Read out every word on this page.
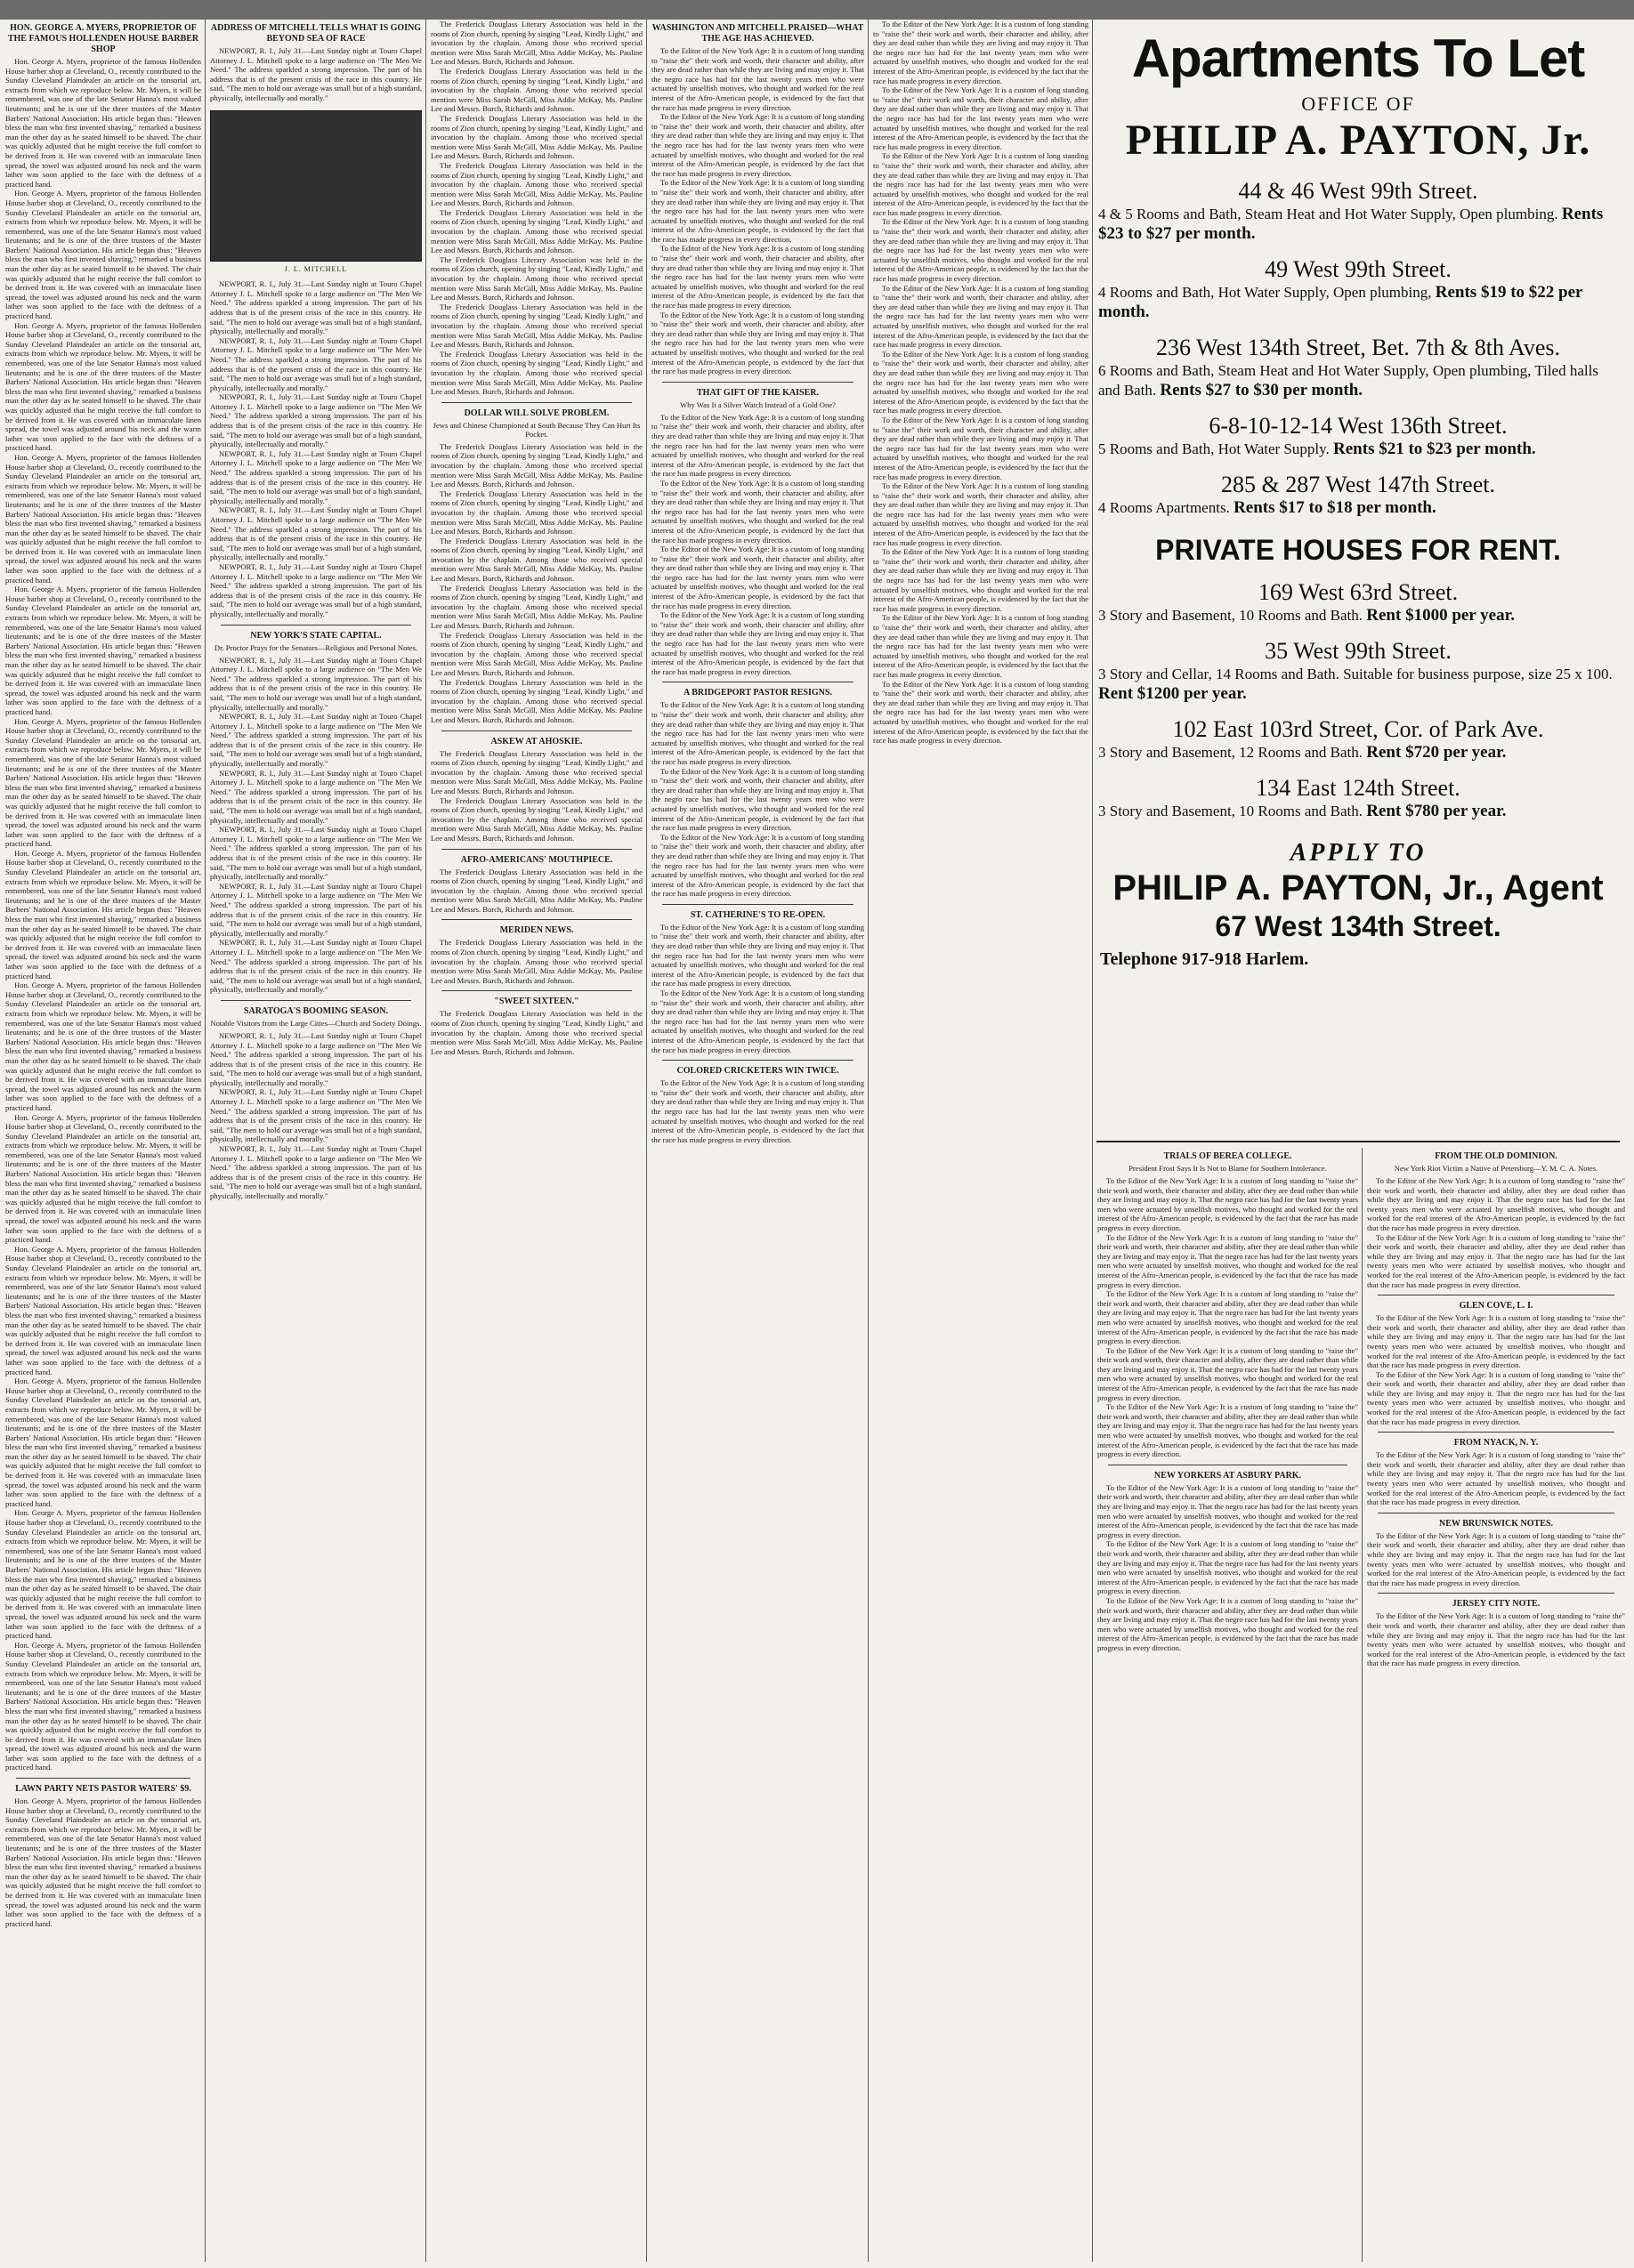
HON. GEORGE A. MYERS, PROPRIETOR OF THE FAMOUS HOLLENDEN HOUSE BARBER SHOP
Hon. George A. Myers, proprietor of the famous Hollenden House barber shop at Cleveland, O., recently contributed to the Sunday Cleveland Plaindealer an article on the tonsorial art, extracts from which we reproduce below. Mr. Myers, it will be remembered, was one of the late Senator Hanna's most valued lieutenants; and he is one of the three trustees of the Master Barbers' National Association. His article began thus: "Heaven bless the man who first invented shaving," remarked a business man the other day as he seated himself to be shaved. The chair was quickly adjusted that he might receive the full comfort to be derived from it. He was covered with an immaculate linen spread, the towel was adjusted around his neck and the warm lather was soon applied to the face with the deftness of a practiced hand.
Hon. George A. Myers, proprietor of the famous Hollenden House barber shop at Cleveland, O., recently contributed to the Sunday Cleveland Plaindealer an article on the tonsorial art, extracts from which we reproduce below. Mr. Myers, it will be remembered, was one of the late Senator Hanna's most valued lieutenants; and he is one of the three trustees of the Master Barbers' National Association. His article began thus: "Heaven bless the man who first invented shaving," remarked a business man the other day as he seated himself to be shaved. The chair was quickly adjusted that he might receive the full comfort to be derived from it. He was covered with an immaculate linen spread, the towel was adjusted around his neck and the warm lather was soon applied to the face with the deftness of a practiced hand.
Hon. George A. Myers, proprietor of the famous Hollenden House barber shop at Cleveland, O., recently contributed to the Sunday Cleveland Plaindealer an article on the tonsorial art, extracts from which we reproduce below. Mr. Myers, it will be remembered, was one of the late Senator Hanna's most valued lieutenants; and he is one of the three trustees of the Master Barbers' National Association. His article began thus: "Heaven bless the man who first invented shaving," remarked a business man the other day as he seated himself to be shaved. The chair was quickly adjusted that he might receive the full comfort to be derived from it. He was covered with an immaculate linen spread, the towel was adjusted around his neck and the warm lather was soon applied to the face with the deftness of a practiced hand.
Hon. George A. Myers, proprietor of the famous Hollenden House barber shop at Cleveland, O., recently contributed to the Sunday Cleveland Plaindealer an article on the tonsorial art, extracts from which we reproduce below. Mr. Myers, it will be remembered, was one of the late Senator Hanna's most valued lieutenants; and he is one of the three trustees of the Master Barbers' National Association. His article began thus: "Heaven bless the man who first invented shaving," remarked a business man the other day as he seated himself to be shaved. The chair was quickly adjusted that he might receive the full comfort to be derived from it. He was covered with an immaculate linen spread, the towel was adjusted around his neck and the warm lather was soon applied to the face with the deftness of a practiced hand.
Hon. George A. Myers, proprietor of the famous Hollenden House barber shop at Cleveland, O., recently contributed to the Sunday Cleveland Plaindealer an article on the tonsorial art, extracts from which we reproduce below. Mr. Myers, it will be remembered, was one of the late Senator Hanna's most valued lieutenants; and he is one of the three trustees of the Master Barbers' National Association. His article began thus: "Heaven bless the man who first invented shaving," remarked a business man the other day as he seated himself to be shaved. The chair was quickly adjusted that he might receive the full comfort to be derived from it. He was covered with an immaculate linen spread, the towel was adjusted around his neck and the warm lather was soon applied to the face with the deftness of a practiced hand.
Hon. George A. Myers, proprietor of the famous Hollenden House barber shop at Cleveland, O., recently contributed to the Sunday Cleveland Plaindealer an article on the tonsorial art, extracts from which we reproduce below. Mr. Myers, it will be remembered, was one of the late Senator Hanna's most valued lieutenants; and he is one of the three trustees of the Master Barbers' National Association. His article began thus: "Heaven bless the man who first invented shaving," remarked a business man the other day as he seated himself to be shaved. The chair was quickly adjusted that he might receive the full comfort to be derived from it. He was covered with an immaculate linen spread, the towel was adjusted around his neck and the warm lather was soon applied to the face with the deftness of a practiced hand.
Hon. George A. Myers, proprietor of the famous Hollenden House barber shop at Cleveland, O., recently contributed to the Sunday Cleveland Plaindealer an article on the tonsorial art, extracts from which we reproduce below. Mr. Myers, it will be remembered, was one of the late Senator Hanna's most valued lieutenants; and he is one of the three trustees of the Master Barbers' National Association. His article began thus: "Heaven bless the man who first invented shaving," remarked a business man the other day as he seated himself to be shaved. The chair was quickly adjusted that he might receive the full comfort to be derived from it. He was covered with an immaculate linen spread, the towel was adjusted around his neck and the warm lather was soon applied to the face with the deftness of a practiced hand.
Hon. George A. Myers, proprietor of the famous Hollenden House barber shop at Cleveland, O., recently contributed to the Sunday Cleveland Plaindealer an article on the tonsorial art, extracts from which we reproduce below. Mr. Myers, it will be remembered, was one of the late Senator Hanna's most valued lieutenants; and he is one of the three trustees of the Master Barbers' National Association. His article began thus: "Heaven bless the man who first invented shaving," remarked a business man the other day as he seated himself to be shaved. The chair was quickly adjusted that he might receive the full comfort to be derived from it. He was covered with an immaculate linen spread, the towel was adjusted around his neck and the warm lather was soon applied to the face with the deftness of a practiced hand.
Hon. George A. Myers, proprietor of the famous Hollenden House barber shop at Cleveland, O., recently contributed to the Sunday Cleveland Plaindealer an article on the tonsorial art, extracts from which we reproduce below. Mr. Myers, it will be remembered, was one of the late Senator Hanna's most valued lieutenants; and he is one of the three trustees of the Master Barbers' National Association. His article began thus: "Heaven bless the man who first invented shaving," remarked a business man the other day as he seated himself to be shaved. The chair was quickly adjusted that he might receive the full comfort to be derived from it. He was covered with an immaculate linen spread, the towel was adjusted around his neck and the warm lather was soon applied to the face with the deftness of a practiced hand.
Hon. George A. Myers, proprietor of the famous Hollenden House barber shop at Cleveland, O., recently contributed to the Sunday Cleveland Plaindealer an article on the tonsorial art, extracts from which we reproduce below. Mr. Myers, it will be remembered, was one of the late Senator Hanna's most valued lieutenants; and he is one of the three trustees of the Master Barbers' National Association. His article began thus: "Heaven bless the man who first invented shaving," remarked a business man the other day as he seated himself to be shaved. The chair was quickly adjusted that he might receive the full comfort to be derived from it. He was covered with an immaculate linen spread, the towel was adjusted around his neck and the warm lather was soon applied to the face with the deftness of a practiced hand.
Hon. George A. Myers, proprietor of the famous Hollenden House barber shop at Cleveland, O., recently contributed to the Sunday Cleveland Plaindealer an article on the tonsorial art, extracts from which we reproduce below. Mr. Myers, it will be remembered, was one of the late Senator Hanna's most valued lieutenants; and he is one of the three trustees of the Master Barbers' National Association. His article began thus: "Heaven bless the man who first invented shaving," remarked a business man the other day as he seated himself to be shaved. The chair was quickly adjusted that he might receive the full comfort to be derived from it. He was covered with an immaculate linen spread, the towel was adjusted around his neck and the warm lather was soon applied to the face with the deftness of a practiced hand.
Hon. George A. Myers, proprietor of the famous Hollenden House barber shop at Cleveland, O., recently contributed to the Sunday Cleveland Plaindealer an article on the tonsorial art, extracts from which we reproduce below. Mr. Myers, it will be remembered, was one of the late Senator Hanna's most valued lieutenants; and he is one of the three trustees of the Master Barbers' National Association. His article began thus: "Heaven bless the man who first invented shaving," remarked a business man the other day as he seated himself to be shaved. The chair was quickly adjusted that he might receive the full comfort to be derived from it. He was covered with an immaculate linen spread, the towel was adjusted around his neck and the warm lather was soon applied to the face with the deftness of a practiced hand.
Hon. George A. Myers, proprietor of the famous Hollenden House barber shop at Cleveland, O., recently contributed to the Sunday Cleveland Plaindealer an article on the tonsorial art, extracts from which we reproduce below. Mr. Myers, it will be remembered, was one of the late Senator Hanna's most valued lieutenants; and he is one of the three trustees of the Master Barbers' National Association. His article began thus: "Heaven bless the man who first invented shaving," remarked a business man the other day as he seated himself to be shaved. The chair was quickly adjusted that he might receive the full comfort to be derived from it. He was covered with an immaculate linen spread, the towel was adjusted around his neck and the warm lather was soon applied to the face with the deftness of a practiced hand.
LAWN PARTY NETS PASTOR WATERS' $9.
Hon. George A. Myers, proprietor of the famous Hollenden House barber shop at Cleveland, O., recently contributed to the Sunday Cleveland Plaindealer an article on the tonsorial art, extracts from which we reproduce below. Mr. Myers, it will be remembered, was one of the late Senator Hanna's most valued lieutenants; and he is one of the three trustees of the Master Barbers' National Association. His article began thus: "Heaven bless the man who first invented shaving," remarked a business man the other day as he seated himself to be shaved. The chair was quickly adjusted that he might receive the full comfort to be derived from it. He was covered with an immaculate linen spread, the towel was adjusted around his neck and the warm lather was soon applied to the face with the deftness of a practiced hand.
ADDRESS OF MITCHELL TELLS WHAT IS GOING BEYOND SEA OF RACE
NEWPORT, R. I., July 31.—Last Sunday night at Touro Chapel Attorney J. L. Mitchell spoke to a large audience on "The Men We Need." The address sparkled a strong impression. The part of his address that is of the present crisis of the race in this country. He said, "The men to hold our average was small but of a high standard, physically, intellectually and morally."
J. L. MITCHELL
NEWPORT, R. I., July 31.—Last Sunday night at Touro Chapel Attorney J. L. Mitchell spoke to a large audience on "The Men We Need." The address sparkled a strong impression. The part of his address that is of the present crisis of the race in this country. He said, "The men to hold our average was small but of a high standard, physically, intellectually and morally."
NEWPORT, R. I., July 31.—Last Sunday night at Touro Chapel Attorney J. L. Mitchell spoke to a large audience on "The Men We Need." The address sparkled a strong impression. The part of his address that is of the present crisis of the race in this country. He said, "The men to hold our average was small but of a high standard, physically, intellectually and morally."
NEWPORT, R. I., July 31.—Last Sunday night at Touro Chapel Attorney J. L. Mitchell spoke to a large audience on "The Men We Need." The address sparkled a strong impression. The part of his address that is of the present crisis of the race in this country. He said, "The men to hold our average was small but of a high standard, physically, intellectually and morally."
NEWPORT, R. I., July 31.—Last Sunday night at Touro Chapel Attorney J. L. Mitchell spoke to a large audience on "The Men We Need." The address sparkled a strong impression. The part of his address that is of the present crisis of the race in this country. He said, "The men to hold our average was small but of a high standard, physically, intellectually and morally."
NEWPORT, R. I., July 31.—Last Sunday night at Touro Chapel Attorney J. L. Mitchell spoke to a large audience on "The Men We Need." The address sparkled a strong impression. The part of his address that is of the present crisis of the race in this country. He said, "The men to hold our average was small but of a high standard, physically, intellectually and morally."
NEWPORT, R. I., July 31.—Last Sunday night at Touro Chapel Attorney J. L. Mitchell spoke to a large audience on "The Men We Need." The address sparkled a strong impression. The part of his address that is of the present crisis of the race in this country. He said, "The men to hold our average was small but of a high standard, physically, intellectually and morally."
NEW YORK'S STATE CAPITAL.
Dr. Proctor Prays for the Senators—Religious and Personal Notes.
NEWPORT, R. I., July 31.—Last Sunday night at Touro Chapel Attorney J. L. Mitchell spoke to a large audience on "The Men We Need." The address sparkled a strong impression. The part of his address that is of the present crisis of the race in this country. He said, "The men to hold our average was small but of a high standard, physically, intellectually and morally."
NEWPORT, R. I., July 31.—Last Sunday night at Touro Chapel Attorney J. L. Mitchell spoke to a large audience on "The Men We Need." The address sparkled a strong impression. The part of his address that is of the present crisis of the race in this country. He said, "The men to hold our average was small but of a high standard, physically, intellectually and morally."
NEWPORT, R. I., July 31.—Last Sunday night at Touro Chapel Attorney J. L. Mitchell spoke to a large audience on "The Men We Need." The address sparkled a strong impression. The part of his address that is of the present crisis of the race in this country. He said, "The men to hold our average was small but of a high standard, physically, intellectually and morally."
NEWPORT, R. I., July 31.—Last Sunday night at Touro Chapel Attorney J. L. Mitchell spoke to a large audience on "The Men We Need." The address sparkled a strong impression. The part of his address that is of the present crisis of the race in this country. He said, "The men to hold our average was small but of a high standard, physically, intellectually and morally."
NEWPORT, R. I., July 31.—Last Sunday night at Touro Chapel Attorney J. L. Mitchell spoke to a large audience on "The Men We Need." The address sparkled a strong impression. The part of his address that is of the present crisis of the race in this country. He said, "The men to hold our average was small but of a high standard, physically, intellectually and morally."
NEWPORT, R. I., July 31.—Last Sunday night at Touro Chapel Attorney J. L. Mitchell spoke to a large audience on "The Men We Need." The address sparkled a strong impression. The part of his address that is of the present crisis of the race in this country. He said, "The men to hold our average was small but of a high standard, physically, intellectually and morally."
SARATOGA'S BOOMING SEASON.
Notable Visitors from the Large Cities—Church and Society Doings.
NEWPORT, R. I., July 31.—Last Sunday night at Touro Chapel Attorney J. L. Mitchell spoke to a large audience on "The Men We Need." The address sparkled a strong impression. The part of his address that is of the present crisis of the race in this country. He said, "The men to hold our average was small but of a high standard, physically, intellectually and morally."
NEWPORT, R. I., July 31.—Last Sunday night at Touro Chapel Attorney J. L. Mitchell spoke to a large audience on "The Men We Need." The address sparkled a strong impression. The part of his address that is of the present crisis of the race in this country. He said, "The men to hold our average was small but of a high standard, physically, intellectually and morally."
NEWPORT, R. I., July 31.—Last Sunday night at Touro Chapel Attorney J. L. Mitchell spoke to a large audience on "The Men We Need." The address sparkled a strong impression. The part of his address that is of the present crisis of the race in this country. He said, "The men to hold our average was small but of a high standard, physically, intellectually and morally."
The Frederick Douglass Literary Association was held in the rooms of Zion church, opening by singing "Lead, Kindly Light," and invocation by the chaplain. Among those who received special mention were Miss Sarah McGill, Miss Addie McKay, Ms. Pauline Lee and Messrs. Burch, Richards and Johnson.
The Frederick Douglass Literary Association was held in the rooms of Zion church, opening by singing "Lead, Kindly Light," and invocation by the chaplain. Among those who received special mention were Miss Sarah McGill, Miss Addie McKay, Ms. Pauline Lee and Messrs. Burch, Richards and Johnson.
The Frederick Douglass Literary Association was held in the rooms of Zion church, opening by singing "Lead, Kindly Light," and invocation by the chaplain. Among those who received special mention were Miss Sarah McGill, Miss Addie McKay, Ms. Pauline Lee and Messrs. Burch, Richards and Johnson.
The Frederick Douglass Literary Association was held in the rooms of Zion church, opening by singing "Lead, Kindly Light," and invocation by the chaplain. Among those who received special mention were Miss Sarah McGill, Miss Addie McKay, Ms. Pauline Lee and Messrs. Burch, Richards and Johnson.
The Frederick Douglass Literary Association was held in the rooms of Zion church, opening by singing "Lead, Kindly Light," and invocation by the chaplain. Among those who received special mention were Miss Sarah McGill, Miss Addie McKay, Ms. Pauline Lee and Messrs. Burch, Richards and Johnson.
The Frederick Douglass Literary Association was held in the rooms of Zion church, opening by singing "Lead, Kindly Light," and invocation by the chaplain. Among those who received special mention were Miss Sarah McGill, Miss Addie McKay, Ms. Pauline Lee and Messrs. Burch, Richards and Johnson.
The Frederick Douglass Literary Association was held in the rooms of Zion church, opening by singing "Lead, Kindly Light," and invocation by the chaplain. Among those who received special mention were Miss Sarah McGill, Miss Addie McKay, Ms. Pauline Lee and Messrs. Burch, Richards and Johnson.
The Frederick Douglass Literary Association was held in the rooms of Zion church, opening by singing "Lead, Kindly Light," and invocation by the chaplain. Among those who received special mention were Miss Sarah McGill, Miss Addie McKay, Ms. Pauline Lee and Messrs. Burch, Richards and Johnson.
DOLLAR WILL SOLVE PROBLEM.
Jews and Chinese Championed at South Because They Can Hurt Its Pocket.
The Frederick Douglass Literary Association was held in the rooms of Zion church, opening by singing "Lead, Kindly Light," and invocation by the chaplain. Among those who received special mention were Miss Sarah McGill, Miss Addie McKay, Ms. Pauline Lee and Messrs. Burch, Richards and Johnson.
The Frederick Douglass Literary Association was held in the rooms of Zion church, opening by singing "Lead, Kindly Light," and invocation by the chaplain. Among those who received special mention were Miss Sarah McGill, Miss Addie McKay, Ms. Pauline Lee and Messrs. Burch, Richards and Johnson.
The Frederick Douglass Literary Association was held in the rooms of Zion church, opening by singing "Lead, Kindly Light," and invocation by the chaplain. Among those who received special mention were Miss Sarah McGill, Miss Addie McKay, Ms. Pauline Lee and Messrs. Burch, Richards and Johnson.
The Frederick Douglass Literary Association was held in the rooms of Zion church, opening by singing "Lead, Kindly Light," and invocation by the chaplain. Among those who received special mention were Miss Sarah McGill, Miss Addie McKay, Ms. Pauline Lee and Messrs. Burch, Richards and Johnson.
The Frederick Douglass Literary Association was held in the rooms of Zion church, opening by singing "Lead, Kindly Light," and invocation by the chaplain. Among those who received special mention were Miss Sarah McGill, Miss Addie McKay, Ms. Pauline Lee and Messrs. Burch, Richards and Johnson.
The Frederick Douglass Literary Association was held in the rooms of Zion church, opening by singing "Lead, Kindly Light," and invocation by the chaplain. Among those who received special mention were Miss Sarah McGill, Miss Addie McKay, Ms. Pauline Lee and Messrs. Burch, Richards and Johnson.
ASKEW AT AHOSKIE.
The Frederick Douglass Literary Association was held in the rooms of Zion church, opening by singing "Lead, Kindly Light," and invocation by the chaplain. Among those who received special mention were Miss Sarah McGill, Miss Addie McKay, Ms. Pauline Lee and Messrs. Burch, Richards and Johnson.
The Frederick Douglass Literary Association was held in the rooms of Zion church, opening by singing "Lead, Kindly Light," and invocation by the chaplain. Among those who received special mention were Miss Sarah McGill, Miss Addie McKay, Ms. Pauline Lee and Messrs. Burch, Richards and Johnson.
AFRO-AMERICANS' MOUTHPIECE.
The Frederick Douglass Literary Association was held in the rooms of Zion church, opening by singing "Lead, Kindly Light," and invocation by the chaplain. Among those who received special mention were Miss Sarah McGill, Miss Addie McKay, Ms. Pauline Lee and Messrs. Burch, Richards and Johnson.
MERIDEN NEWS.
The Frederick Douglass Literary Association was held in the rooms of Zion church, opening by singing "Lead, Kindly Light," and invocation by the chaplain. Among those who received special mention were Miss Sarah McGill, Miss Addie McKay, Ms. Pauline Lee and Messrs. Burch, Richards and Johnson.
"SWEET SIXTEEN."
The Frederick Douglass Literary Association was held in the rooms of Zion church, opening by singing "Lead, Kindly Light," and invocation by the chaplain. Among those who received special mention were Miss Sarah McGill, Miss Addie McKay, Ms. Pauline Lee and Messrs. Burch, Richards and Johnson.
WASHINGTON AND MITCHELL PRAISED—WHAT THE AGE HAS ACHIEVED.
To the Editor of the New York Age: It is a custom of long standing to "raise the" their work and worth, their character and ability, after they are dead rather than while they are living and may enjoy it. That the negro race has had for the last twenty years men who were actuated by unselfish motives, who thought and worked for the real interest of the Afro-American people, is evidenced by the fact that the race has made progress in every direction.
To the Editor of the New York Age: It is a custom of long standing to "raise the" their work and worth, their character and ability, after they are dead rather than while they are living and may enjoy it. That the negro race has had for the last twenty years men who were actuated by unselfish motives, who thought and worked for the real interest of the Afro-American people, is evidenced by the fact that the race has made progress in every direction.
To the Editor of the New York Age: It is a custom of long standing to "raise the" their work and worth, their character and ability, after they are dead rather than while they are living and may enjoy it. That the negro race has had for the last twenty years men who were actuated by unselfish motives, who thought and worked for the real interest of the Afro-American people, is evidenced by the fact that the race has made progress in every direction.
To the Editor of the New York Age: It is a custom of long standing to "raise the" their work and worth, their character and ability, after they are dead rather than while they are living and may enjoy it. That the negro race has had for the last twenty years men who were actuated by unselfish motives, who thought and worked for the real interest of the Afro-American people, is evidenced by the fact that the race has made progress in every direction.
To the Editor of the New York Age: It is a custom of long standing to "raise the" their work and worth, their character and ability, after they are dead rather than while they are living and may enjoy it. That the negro race has had for the last twenty years men who were actuated by unselfish motives, who thought and worked for the real interest of the Afro-American people, is evidenced by the fact that the race has made progress in every direction.
THAT GIFT OF THE KAISER.
Why Was It a Silver Watch Instead of a Gold One?
To the Editor of the New York Age: It is a custom of long standing to "raise the" their work and worth, their character and ability, after they are dead rather than while they are living and may enjoy it. That the negro race has had for the last twenty years men who were actuated by unselfish motives, who thought and worked for the real interest of the Afro-American people, is evidenced by the fact that the race has made progress in every direction.
To the Editor of the New York Age: It is a custom of long standing to "raise the" their work and worth, their character and ability, after they are dead rather than while they are living and may enjoy it. That the negro race has had for the last twenty years men who were actuated by unselfish motives, who thought and worked for the real interest of the Afro-American people, is evidenced by the fact that the race has made progress in every direction.
To the Editor of the New York Age: It is a custom of long standing to "raise the" their work and worth, their character and ability, after they are dead rather than while they are living and may enjoy it. That the negro race has had for the last twenty years men who were actuated by unselfish motives, who thought and worked for the real interest of the Afro-American people, is evidenced by the fact that the race has made progress in every direction.
To the Editor of the New York Age: It is a custom of long standing to "raise the" their work and worth, their character and ability, after they are dead rather than while they are living and may enjoy it. That the negro race has had for the last twenty years men who were actuated by unselfish motives, who thought and worked for the real interest of the Afro-American people, is evidenced by the fact that the race has made progress in every direction.
A BRIDGEPORT PASTOR RESIGNS.
To the Editor of the New York Age: It is a custom of long standing to "raise the" their work and worth, their character and ability, after they are dead rather than while they are living and may enjoy it. That the negro race has had for the last twenty years men who were actuated by unselfish motives, who thought and worked for the real interest of the Afro-American people, is evidenced by the fact that the race has made progress in every direction.
To the Editor of the New York Age: It is a custom of long standing to "raise the" their work and worth, their character and ability, after they are dead rather than while they are living and may enjoy it. That the negro race has had for the last twenty years men who were actuated by unselfish motives, who thought and worked for the real interest of the Afro-American people, is evidenced by the fact that the race has made progress in every direction.
To the Editor of the New York Age: It is a custom of long standing to "raise the" their work and worth, their character and ability, after they are dead rather than while they are living and may enjoy it. That the negro race has had for the last twenty years men who were actuated by unselfish motives, who thought and worked for the real interest of the Afro-American people, is evidenced by the fact that the race has made progress in every direction.
ST. CATHERINE'S TO RE-OPEN.
To the Editor of the New York Age: It is a custom of long standing to "raise the" their work and worth, their character and ability, after they are dead rather than while they are living and may enjoy it. That the negro race has had for the last twenty years men who were actuated by unselfish motives, who thought and worked for the real interest of the Afro-American people, is evidenced by the fact that the race has made progress in every direction.
To the Editor of the New York Age: It is a custom of long standing to "raise the" their work and worth, their character and ability, after they are dead rather than while they are living and may enjoy it. That the negro race has had for the last twenty years men who were actuated by unselfish motives, who thought and worked for the real interest of the Afro-American people, is evidenced by the fact that the race has made progress in every direction.
COLORED CRICKETERS WIN TWICE.
To the Editor of the New York Age: It is a custom of long standing to "raise the" their work and worth, their character and ability, after they are dead rather than while they are living and may enjoy it. That the negro race has had for the last twenty years men who were actuated by unselfish motives, who thought and worked for the real interest of the Afro-American people, is evidenced by the fact that the race has made progress in every direction.
To the Editor of the New York Age: It is a custom of long standing to "raise the" their work and worth, their character and ability, after they are dead rather than while they are living and may enjoy it. That the negro race has had for the last twenty years men who were actuated by unselfish motives, who thought and worked for the real interest of the Afro-American people, is evidenced by the fact that the race has made progress in every direction.
To the Editor of the New York Age: It is a custom of long standing to "raise the" their work and worth, their character and ability, after they are dead rather than while they are living and may enjoy it. That the negro race has had for the last twenty years men who were actuated by unselfish motives, who thought and worked for the real interest of the Afro-American people, is evidenced by the fact that the race has made progress in every direction.
To the Editor of the New York Age: It is a custom of long standing to "raise the" their work and worth, their character and ability, after they are dead rather than while they are living and may enjoy it. That the negro race has had for the last twenty years men who were actuated by unselfish motives, who thought and worked for the real interest of the Afro-American people, is evidenced by the fact that the race has made progress in every direction.
To the Editor of the New York Age: It is a custom of long standing to "raise the" their work and worth, their character and ability, after they are dead rather than while they are living and may enjoy it. That the negro race has had for the last twenty years men who were actuated by unselfish motives, who thought and worked for the real interest of the Afro-American people, is evidenced by the fact that the race has made progress in every direction.
To the Editor of the New York Age: It is a custom of long standing to "raise the" their work and worth, their character and ability, after they are dead rather than while they are living and may enjoy it. That the negro race has had for the last twenty years men who were actuated by unselfish motives, who thought and worked for the real interest of the Afro-American people, is evidenced by the fact that the race has made progress in every direction.
To the Editor of the New York Age: It is a custom of long standing to "raise the" their work and worth, their character and ability, after they are dead rather than while they are living and may enjoy it. That the negro race has had for the last twenty years men who were actuated by unselfish motives, who thought and worked for the real interest of the Afro-American people, is evidenced by the fact that the race has made progress in every direction.
To the Editor of the New York Age: It is a custom of long standing to "raise the" their work and worth, their character and ability, after they are dead rather than while they are living and may enjoy it. That the negro race has had for the last twenty years men who were actuated by unselfish motives, who thought and worked for the real interest of the Afro-American people, is evidenced by the fact that the race has made progress in every direction.
To the Editor of the New York Age: It is a custom of long standing to "raise the" their work and worth, their character and ability, after they are dead rather than while they are living and may enjoy it. That the negro race has had for the last twenty years men who were actuated by unselfish motives, who thought and worked for the real interest of the Afro-American people, is evidenced by the fact that the race has made progress in every direction.
To the Editor of the New York Age: It is a custom of long standing to "raise the" their work and worth, their character and ability, after they are dead rather than while they are living and may enjoy it. That the negro race has had for the last twenty years men who were actuated by unselfish motives, who thought and worked for the real interest of the Afro-American people, is evidenced by the fact that the race has made progress in every direction.
To the Editor of the New York Age: It is a custom of long standing to "raise the" their work and worth, their character and ability, after they are dead rather than while they are living and may enjoy it. That the negro race has had for the last twenty years men who were actuated by unselfish motives, who thought and worked for the real interest of the Afro-American people, is evidenced by the fact that the race has made progress in every direction.
To the Editor of the New York Age: It is a custom of long standing to "raise the" their work and worth, their character and ability, after they are dead rather than while they are living and may enjoy it. That the negro race has had for the last twenty years men who were actuated by unselfish motives, who thought and worked for the real interest of the Afro-American people, is evidenced by the fact that the race has made progress in every direction.
Apartments To Let
OFFICE OF
PHILIP A. PAYTON, Jr.
44 & 46 West 99th Street.
4 & 5 Rooms and Bath, Steam Heat and Hot Water Supply, Open plumbing. Rents $23 to $27 per month.
49 West 99th Street.
4 Rooms and Bath, Hot Water Supply, Open plumbing, Rents $19 to $22 per month.
236 West 134th Street, Bet. 7th & 8th Aves.
6 Rooms and Bath, Steam Heat and Hot Water Supply, Open plumbing, Tiled halls and Bath. Rents $27 to $30 per month.
6-8-10-12-14 West 136th Street.
5 Rooms and Bath, Hot Water Supply. Rents $21 to $23 per month.
285 & 287 West 147th Street.
4 Rooms Apartments. Rents $17 to $18 per month.
PRIVATE HOUSES FOR RENT.
169 West 63rd Street.
3 Story and Basement, 10 Rooms and Bath. Rent $1000 per year.
35 West 99th Street.
3 Story and Cellar, 14 Rooms and Bath. Suitable for business purpose, size 25 x 100. Rent $1200 per year.
102 East 103rd Street, Cor. of Park Ave.
3 Story and Basement, 12 Rooms and Bath. Rent $720 per year.
134 East 124th Street.
3 Story and Basement, 10 Rooms and Bath. Rent $780 per year.
APPLY TO
PHILIP A. PAYTON, Jr., Agent
67 West 134th Street.
Telephone 917-918 Harlem.
TRIALS OF BEREA COLLEGE.
President Frost Says It Is Not to Blame for Southern Intolerance.
To the Editor of the New York Age: It is a custom of long standing to "raise the" their work and worth, their character and ability, after they are dead rather than while they are living and may enjoy it. That the negro race has had for the last twenty years men who were actuated by unselfish motives, who thought and worked for the real interest of the Afro-American people, is evidenced by the fact that the race has made progress in every direction.
To the Editor of the New York Age: It is a custom of long standing to "raise the" their work and worth, their character and ability, after they are dead rather than while they are living and may enjoy it. That the negro race has had for the last twenty years men who were actuated by unselfish motives, who thought and worked for the real interest of the Afro-American people, is evidenced by the fact that the race has made progress in every direction.
To the Editor of the New York Age: It is a custom of long standing to "raise the" their work and worth, their character and ability, after they are dead rather than while they are living and may enjoy it. That the negro race has had for the last twenty years men who were actuated by unselfish motives, who thought and worked for the real interest of the Afro-American people, is evidenced by the fact that the race has made progress in every direction.
To the Editor of the New York Age: It is a custom of long standing to "raise the" their work and worth, their character and ability, after they are dead rather than while they are living and may enjoy it. That the negro race has had for the last twenty years men who were actuated by unselfish motives, who thought and worked for the real interest of the Afro-American people, is evidenced by the fact that the race has made progress in every direction.
To the Editor of the New York Age: It is a custom of long standing to "raise the" their work and worth, their character and ability, after they are dead rather than while they are living and may enjoy it. That the negro race has had for the last twenty years men who were actuated by unselfish motives, who thought and worked for the real interest of the Afro-American people, is evidenced by the fact that the race has made progress in every direction.
NEW YORKERS AT ASBURY PARK.
To the Editor of the New York Age: It is a custom of long standing to "raise the" their work and worth, their character and ability, after they are dead rather than while they are living and may enjoy it. That the negro race has had for the last twenty years men who were actuated by unselfish motives, who thought and worked for the real interest of the Afro-American people, is evidenced by the fact that the race has made progress in every direction.
To the Editor of the New York Age: It is a custom of long standing to "raise the" their work and worth, their character and ability, after they are dead rather than while they are living and may enjoy it. That the negro race has had for the last twenty years men who were actuated by unselfish motives, who thought and worked for the real interest of the Afro-American people, is evidenced by the fact that the race has made progress in every direction.
To the Editor of the New York Age: It is a custom of long standing to "raise the" their work and worth, their character and ability, after they are dead rather than while they are living and may enjoy it. That the negro race has had for the last twenty years men who were actuated by unselfish motives, who thought and worked for the real interest of the Afro-American people, is evidenced by the fact that the race has made progress in every direction.
FROM THE OLD DOMINION.
New York Riot Victim a Native of Petersburg—Y. M. C. A. Notes.
To the Editor of the New York Age: It is a custom of long standing to "raise the" their work and worth, their character and ability, after they are dead rather than while they are living and may enjoy it. That the negro race has had for the last twenty years men who were actuated by unselfish motives, who thought and worked for the real interest of the Afro-American people, is evidenced by the fact that the race has made progress in every direction.
To the Editor of the New York Age: It is a custom of long standing to "raise the" their work and worth, their character and ability, after they are dead rather than while they are living and may enjoy it. That the negro race has had for the last twenty years men who were actuated by unselfish motives, who thought and worked for the real interest of the Afro-American people, is evidenced by the fact that the race has made progress in every direction.
GLEN COVE, L. I.
To the Editor of the New York Age: It is a custom of long standing to "raise the" their work and worth, their character and ability, after they are dead rather than while they are living and may enjoy it. That the negro race has had for the last twenty years men who were actuated by unselfish motives, who thought and worked for the real interest of the Afro-American people, is evidenced by the fact that the race has made progress in every direction.
To the Editor of the New York Age: It is a custom of long standing to "raise the" their work and worth, their character and ability, after they are dead rather than while they are living and may enjoy it. That the negro race has had for the last twenty years men who were actuated by unselfish motives, who thought and worked for the real interest of the Afro-American people, is evidenced by the fact that the race has made progress in every direction.
FROM NYACK, N. Y.
To the Editor of the New York Age: It is a custom of long standing to "raise the" their work and worth, their character and ability, after they are dead rather than while they are living and may enjoy it. That the negro race has had for the last twenty years men who were actuated by unselfish motives, who thought and worked for the real interest of the Afro-American people, is evidenced by the fact that the race has made progress in every direction.
NEW BRUNSWICK NOTES.
To the Editor of the New York Age: It is a custom of long standing to "raise the" their work and worth, their character and ability, after they are dead rather than while they are living and may enjoy it. That the negro race has had for the last twenty years men who were actuated by unselfish motives, who thought and worked for the real interest of the Afro-American people, is evidenced by the fact that the race has made progress in every direction.
JERSEY CITY NOTE.
To the Editor of the New York Age: It is a custom of long standing to "raise the" their work and worth, their character and ability, after they are dead rather than while they are living and may enjoy it. That the negro race has had for the last twenty years men who were actuated by unselfish motives, who thought and worked for the real interest of the Afro-American people, is evidenced by the fact that the race has made progress in every direction.
